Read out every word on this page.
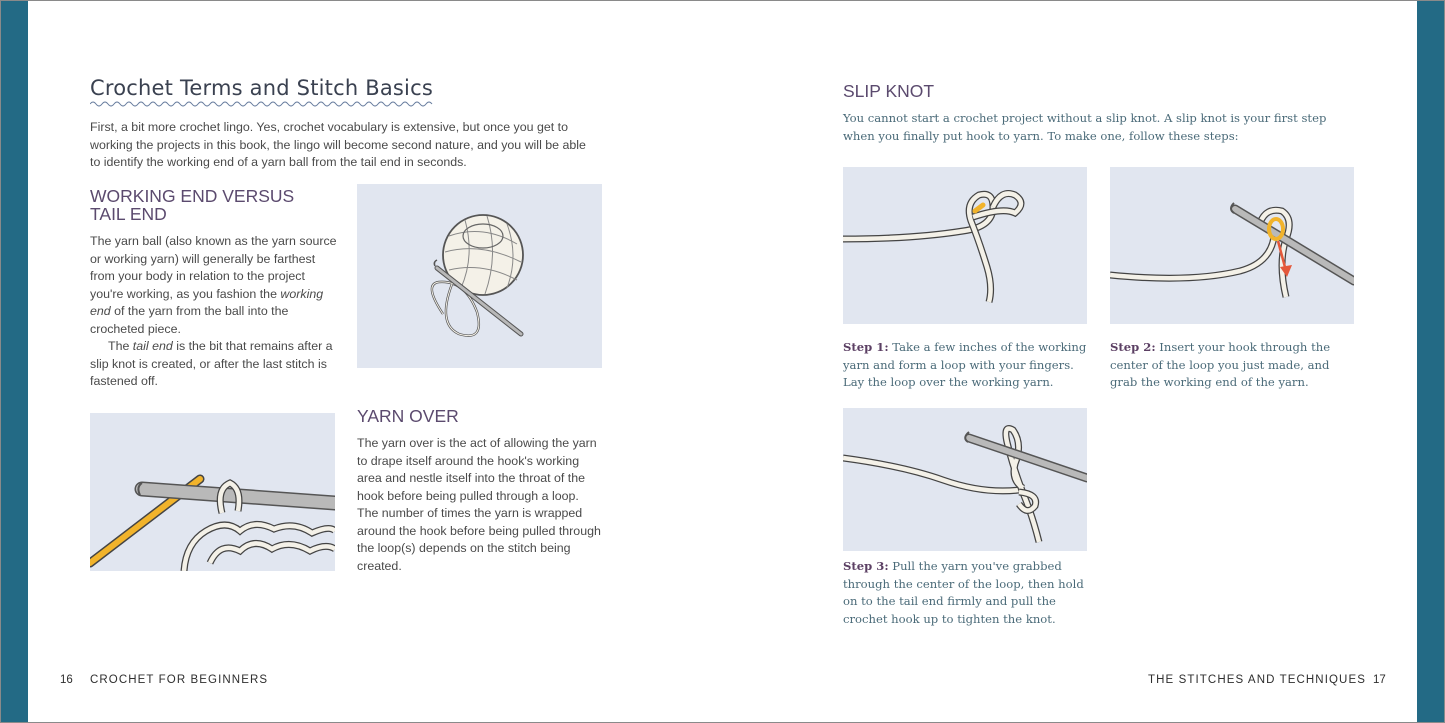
Crochet Terms and Stitch Basics

First, a bit more crochet lingo. Yes, crochet vocabulary is extensive, but once you get to working the projects in this book, the lingo will become second nature, and you will be able to identify the working end of a yarn ball from the tail end in seconds.

WORKING END VERSUS
TAIL END

The yarn ball (also known as the yarn source or working yarn) will generally be farthest from your body in relation to the project you're working, as you fashion the working end of the yarn from the ball into the crocheted piece.

The tail end is the bit that remains after a slip knot is created, or after the last stitch is fastened off.

YARN OVER

The yarn over is the act of allowing the yarn to drape itself around the hook's working area and nestle itself into the throat of the hook before being pulled through a loop. The number of times the yarn is wrapped around the hook before being pulled through the loop(s) depends on the stitch being created.

16 CROCHET FOR BEGINNERS

SLIP KNOT

You cannot start a crochet project without a slip knot. A slip knot is your first step when you finally put hook to yarn. To make one, follow these steps:

Step 1: Take a few inches of the working yarn and form a loop with your fingers. Lay the loop over the working yarn.

Step 2: Insert your hook through the center of the loop you just made, and grab the working end of the yarn.

Step 3: Pull the yarn you've grabbed through the center of the loop, then hold on to the tail end firmly and pull the crochet hook up to tighten the knot.

THE STITCHES AND TECHNIQUES 17
